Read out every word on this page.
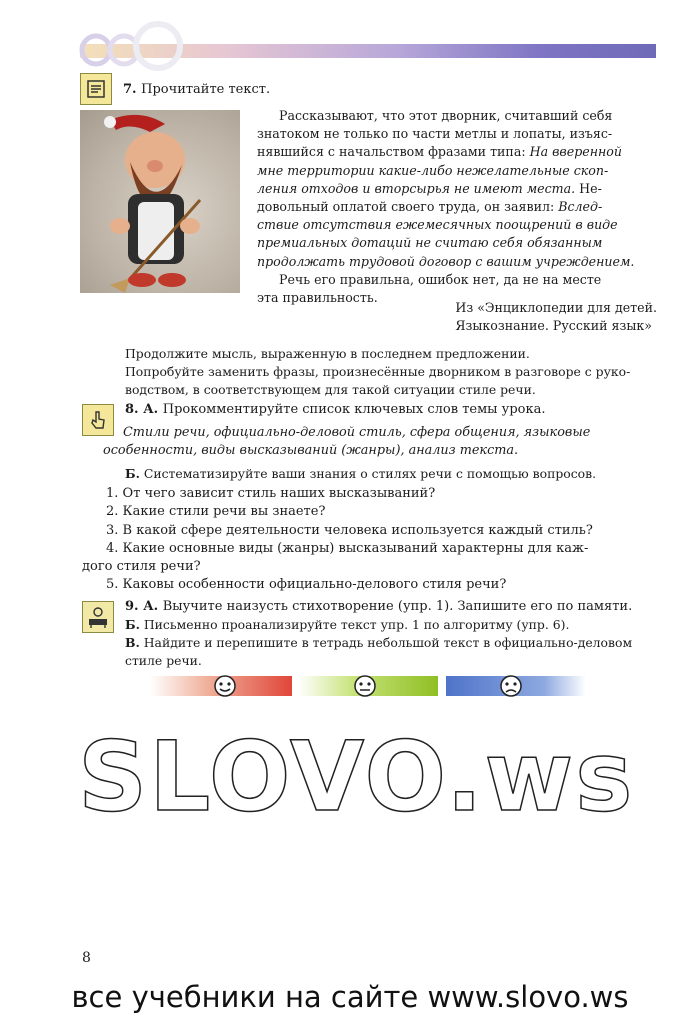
7. Прочитайте текст.
Рассказывают, что этот дворник, считавший себя
знатоком не только по части метлы и лопаты, изъяс-
нявшийся с начальством фразами типа: На вверенной
мне территории какие-либо нежелательные скоп-
ления отходов и вторсырья не имеют места. Не-
довольный оплатой своего труда, он заявил: Вслед-
ствие отсутствия ежемесячных поощрений в виде
премиальных дотаций не считаю себя обязанным
продолжать трудовой договор с вашим учреждением.
Речь его правильна, ошибок нет, да не на месте
эта правильность.
Из «Энциклопедии для детей.
Языкознание. Русский язык»
Продолжите мысль, выраженную в последнем предложении.
Попробуйте заменить фразы, произнесённые дворником в разговоре с руко-
водством, в соответствующем для такой ситуации стиле речи.
8. А. Прокомментируйте список ключевых слов темы урока.
Стили речи, официально-деловой стиль, сфера общения, языковые
особенности, виды высказываний (жанры), анализ текста.
Б. Систематизируйте ваши знания о стилях речи с помощью вопросов.
1. От чего зависит стиль наших высказываний?
2. Какие стили речи вы знаете?
3. В какой сфере деятельности человека используется каждый стиль?
4. Какие основные виды (жанры) высказываний характерны для каж-
дого стиля речи?
5. Каковы особенности официально-делового стиля речи?
9. А. Выучите наизусть стихотворение (упр. 1). Запишите его по памяти.
Б. Письменно проанализируйте текст упр. 1 по алгоритму (упр. 6).
В. Найдите и перепишите в тетрадь небольшой текст в официально-деловом
стиле речи.
SLOVO.ws
8
все учебники на сайте www.slovo.ws
